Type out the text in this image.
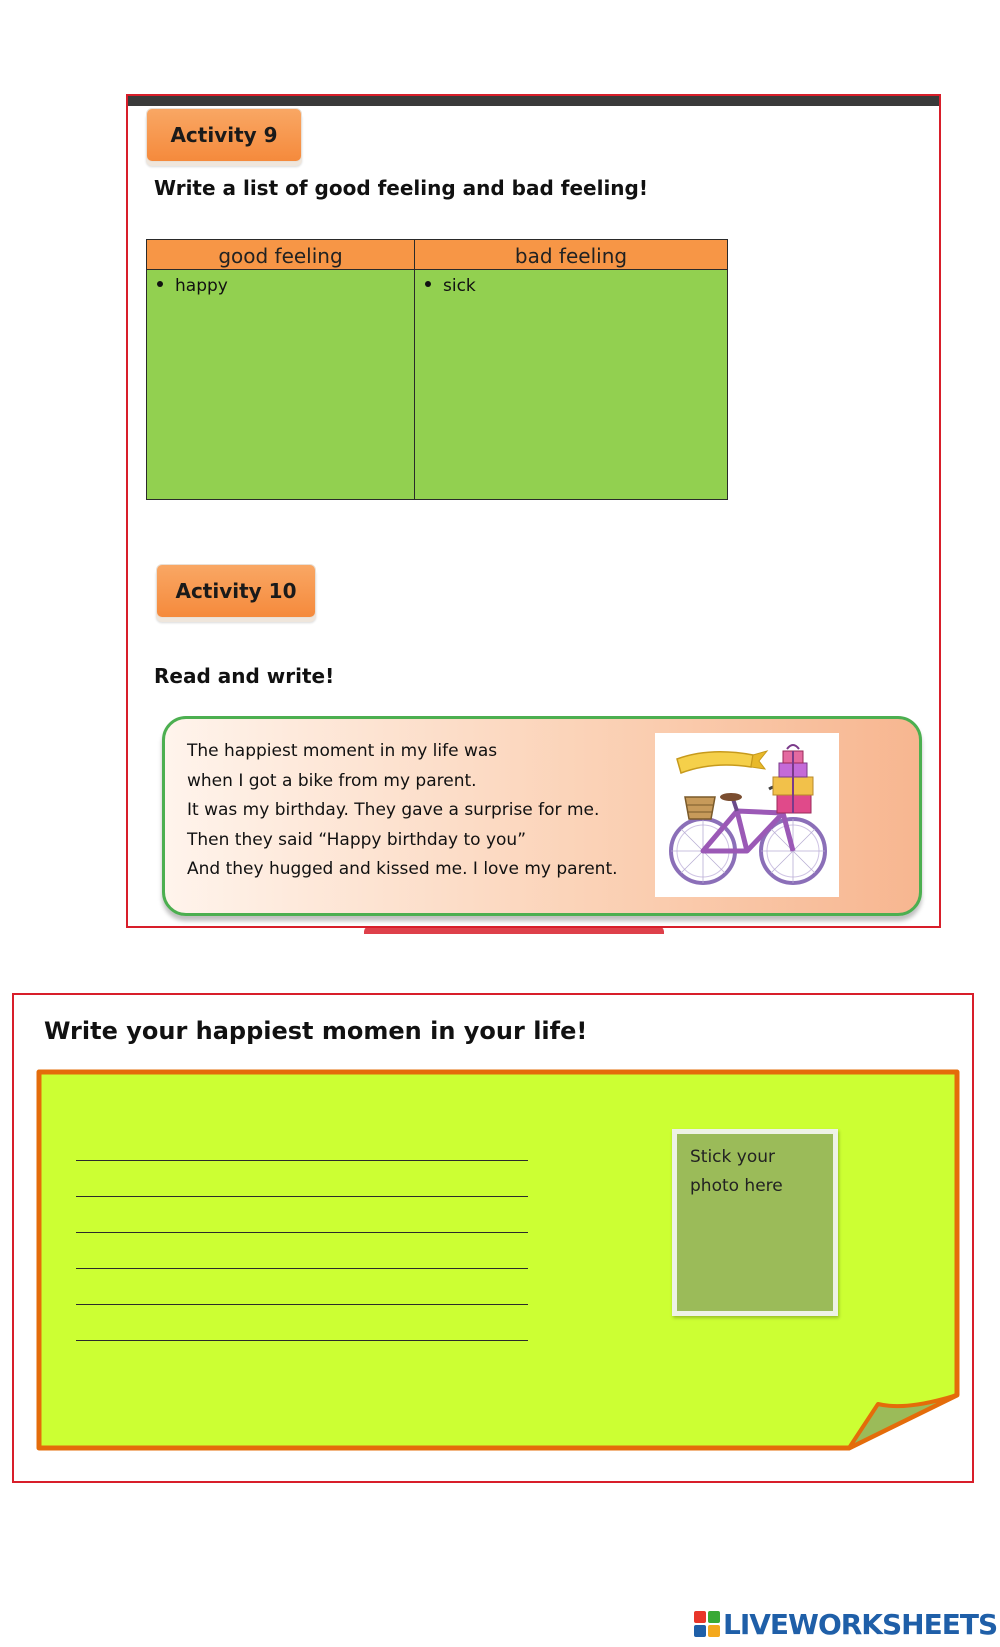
Activity 9
Write a list of good feeling and bad feeling!
good feeling
happy
bad feeling
sick
Activity 10
Read and write!
The happiest moment in my life was
when I got a bike from my parent.
It was my birthday. They gave a surprise for me.
Then they said “Happy birthday to you”
And they hugged and kissed me. I love my parent.
Write your happiest momen in your life!
Stick your
photo here
LIVEWORKSHEETS
